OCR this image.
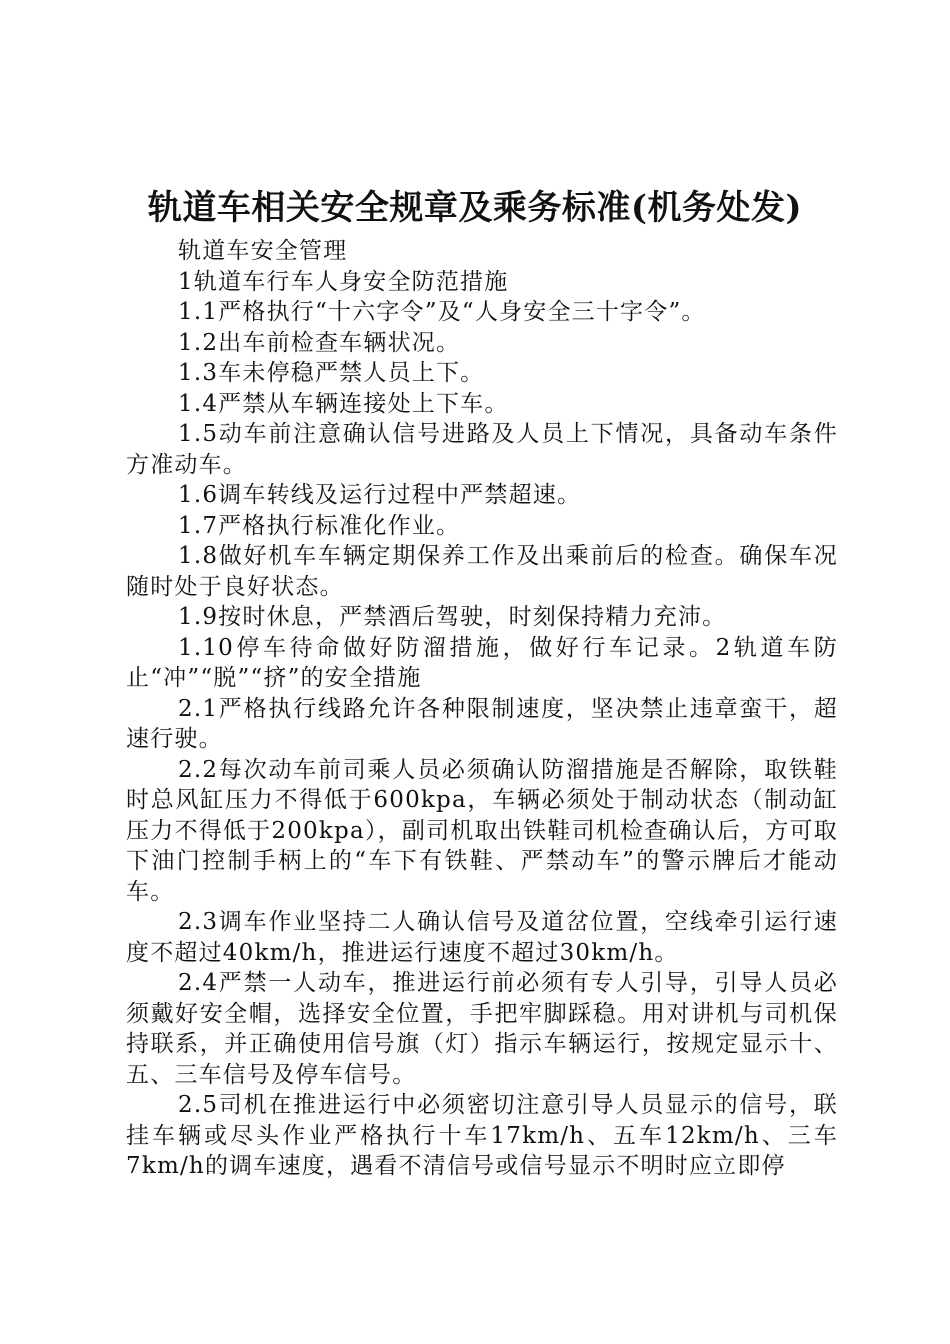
轨道车相关安全规章及乘务标准(机务处发)

轨道车安全管理

1轨道车行车人身安全防范措施

1.1严格执行“十六字令”及“人身安全三十字令”。

1.2出车前检查车辆状况。

1.3车未停稳严禁人员上下。

1.4严禁从车辆连接处上下车。

1.5动车前注意确认信号进路及人员上下情况，具备动车条件方准动车。

1.6调车转线及运行过程中严禁超速。

1.7严格执行标准化作业。

1.8做好机车车辆定期保养工作及出乘前后的检查。确保车况随时处于良好状态。

1.9按时休息，严禁酒后驾驶，时刻保持精力充沛。

1.10停车待命做好防溜措施，做好行车记录。2轨道车防止“冲”“脱”“挤”的安全措施

2.1严格执行线路允许各种限制速度，坚决禁止违章蛮干，超速行驶。

2.2每次动车前司乘人员必须确认防溜措施是否解除，取铁鞋时总风缸压力不得低于600kpa，车辆必须处于制动状态（制动缸压力不得低于200kpa），副司机取出铁鞋司机检查确认后，方可取下油门控制手柄上的“车下有铁鞋、严禁动车”的警示牌后才能动车。

2.3调车作业坚持二人确认信号及道岔位置，空线牵引运行速度不超过40km/h，推进运行速度不超过30km/h。

2.4严禁一人动车，推进运行前必须有专人引导，引导人员必须戴好安全帽，选择安全位置，手把牢脚踩稳。用对讲机与司机保持联系，并正确使用信号旗（灯）指示车辆运行，按规定显示十、五、三车信号及停车信号。

2.5司机在推进运行中必须密切注意引导人员显示的信号，联挂车辆或尽头作业严格执行十车17km/h、五车12km/h、三车7km/h的调车速度，遇看不清信号或信号显示不明时应立即停
